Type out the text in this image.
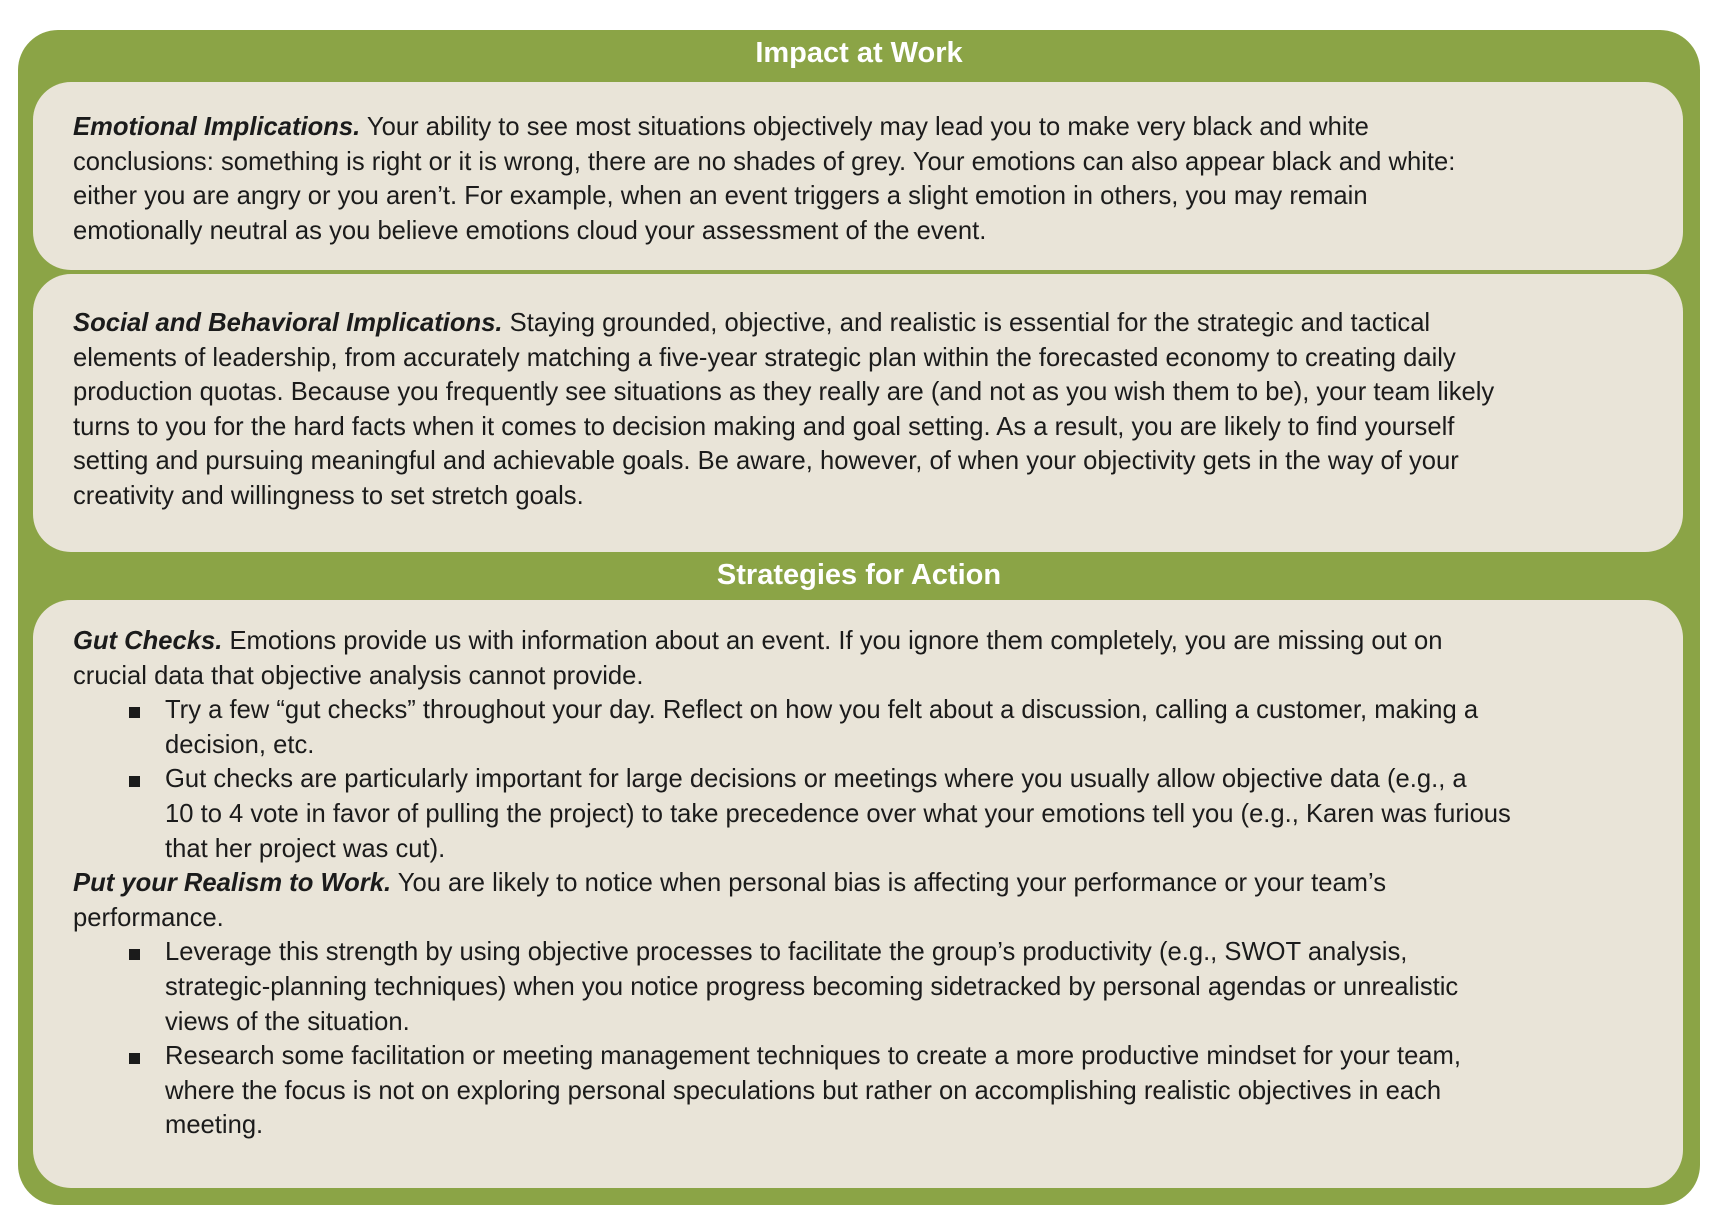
Impact at Work
Emotional Implications. Your ability to see most situations objectively may lead you to make very black and white
conclusions: something is right or it is wrong, there are no shades of grey. Your emotions can also appear black and white:
either you are angry or you aren’t. For example, when an event triggers a slight emotion in others, you may remain
emotionally neutral as you believe emotions cloud your assessment of the event.
Social and Behavioral Implications. Staying grounded, objective, and realistic is essential for the strategic and tactical
elements of leadership, from accurately matching a five-year strategic plan within the forecasted economy to creating daily
production quotas. Because you frequently see situations as they really are (and not as you wish them to be), your team likely
turns to you for the hard facts when it comes to decision making and goal setting. As a result, you are likely to find yourself
setting and pursuing meaningful and achievable goals. Be aware, however, of when your objectivity gets in the way of your
creativity and willingness to set stretch goals.
Strategies for Action
Gut Checks. Emotions provide us with information about an event. If you ignore them completely, you are missing out on
crucial data that objective analysis cannot provide.
Try a few “gut checks” throughout your day. Reflect on how you felt about a discussion, calling a customer, making a
decision, etc.
Gut checks are particularly important for large decisions or meetings where you usually allow objective data (e.g., a
10 to 4 vote in favor of pulling the project) to take precedence over what your emotions tell you (e.g., Karen was furious
that her project was cut).
Put your Realism to Work. You are likely to notice when personal bias is affecting your performance or your team’s
performance.
Leverage this strength by using objective processes to facilitate the group’s productivity (e.g., SWOT analysis,
strategic-planning techniques) when you notice progress becoming sidetracked by personal agendas or unrealistic
views of the situation.
Research some facilitation or meeting management techniques to create a more productive mindset for your team,
where the focus is not on exploring personal speculations but rather on accomplishing realistic objectives in each
meeting.
